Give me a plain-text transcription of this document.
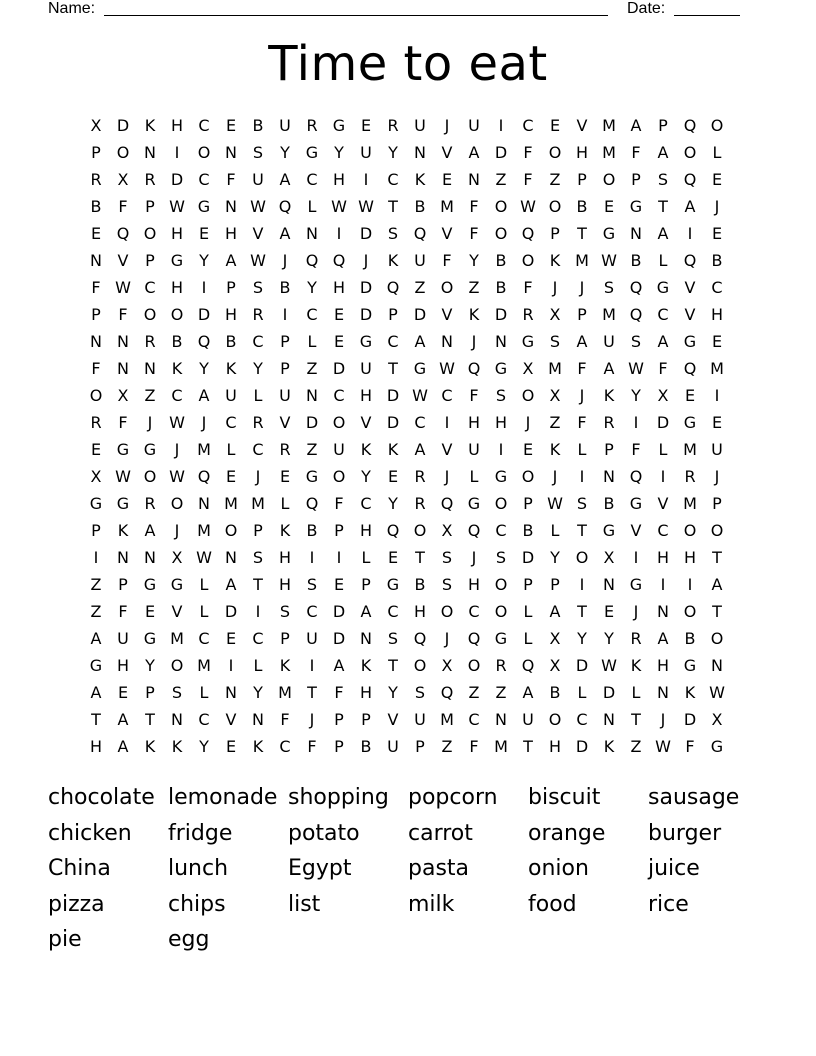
Name:	Date:
Time to eat
X D K H C	E	B U R G E	R U	J	U	I	C	E	V M A	P Q O
P O N	I	O N S	Y G Y	U	Y	N V	A D	F	O H M F	A O	L
R X R D C	F	U A C H	I	C	K	E N Z	F	Z	P O P	S Q E
B	F	P W G N W Q	L W W T	B M F	O W O B	E G T	A	J
E Q O H E H V	A N	I	D S Q V	F	O Q P	T G N A	I	E
N V	P G Y	A W	J	Q Q	J	K U	F	Y	B O K M W B	L	Q B
F W C H	I	P	S	B	Y	H D Q Z O Z	B	F	J	J	S Q G V C
P	F	O O D H R	I	C	E D	P	D V	K D R X	P M Q C V H
N N R B Q B C	P	L	E G C A N	J	N G S	A U	S	A G E
F	N N K	Y	K	Y	P	Z D U	T G W Q G X M F	A W F	Q M
O X	Z C A U	L	U N C H D W C	F	S O X	J	K	Y	X	E	I
R	F	J	W	J	C R V D O V D C	I	H H	J	Z	F	R	I	D G E
E G G	J	M L	C R Z U K	K	A	V U	I	E	K	L	P	F	L M U
X W O W Q E	J	E G O Y	E	R	J	L	G O	J	I	N Q	I	R	J
G G R O N M M L	Q	F	C	Y	R Q G O P W S	B G V M P
P	K	A	J	M O P	K	B	P	H Q O X Q C B	L	T G V C O O
I	N N X W N S H	I	I	L	E	T	S	J	S D Y O X	I	H H	T
Z	P G G	L	A	T	H S	E	P G B	S H O P	P	I	N G	I	I	A
Z	F	E	V	L	D	I	S	C D A C H O C O	L	A	T	E	J	N O T
A U G M C	E	C	P	U D N S Q	J	Q G	L	X	Y	Y	R A	B O
G H	Y O M	I	L	K	I	A	K	T O X O R Q X D W K H G N
A	E	P	S	L	N	Y M T	F	H	Y	S Q Z	Z	A	B	L	D	L	N K W
T	A	T	N C V N	F	J	P	P	V U M C N U O C N	T	J	D X
H A	K	K	Y	E	K	C	F	P	B U	P	Z	F M T	H D K	Z W F	G
chocolate lemonade shopping popcorn biscuit sausage
chicken fridge	potato carrot	orange burger
China	lunch	Egypt	pasta	onion	juice
pizza	chips	list	milk	food	rice
pie	egg
